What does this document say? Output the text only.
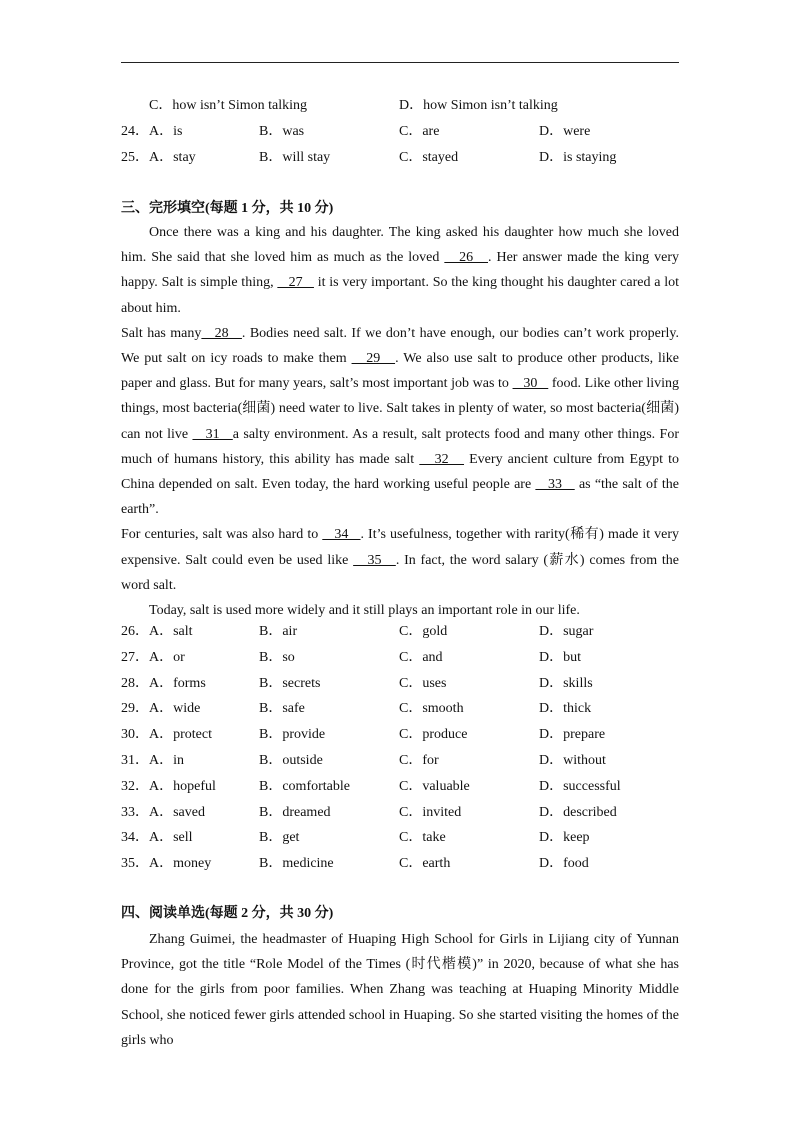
C．how isn’t Simon talking	D．how Simon isn’t talking
24． A．is	B．was	C．are	D．were
25． A．stay	B．will stay	C．stayed	D．is staying
三、完形填空(每题 1 分，共 10 分)

Once there was a king and his daughter. The king asked his daughter how much she loved him. She said that she loved him as much as the loved    26   . Her answer made the king very happy. Salt is simple thing,    27    it is very important. So the king thought his daughter cared a lot about him.

Salt has many   28   . Bodies need salt. If we don’t have enough, our bodies can’t work properly. We put salt on icy roads to make them    29   . We also use salt to produce other products, like paper and glass. But for many years, salt’s most important job was to    30    food. Like other living things, most bacteria(细菌) need water to live. Salt takes in plenty of water, so most bacteria(细菌) can not live    31   a salty environment. As a result, salt protects food and many other things. For much of humans history, this ability has made salt    32    Every ancient culture from Egypt to China depended on salt. Even today, the hard working useful people are    33    as “the salt of the earth”.

For centuries, salt was also hard to    34   . It’s usefulness, together with rarity(稀有) made it very expensive. Salt could even be used like    35   . In fact, the word salary (薪水) comes from the word salt.

Today, salt is used more widely and it still plays an important role in our life.

26． A．salt	B．air	C．gold	D．sugar
27． A．or	B．so	C．and	D．but
28． A．forms	B．secrets	C．uses	D．skills
29． A．wide	B．safe	C．smooth	D．thick
30． A．protect	B．provide	C．produce	D．prepare
31． A．in	B．outside	C．for	D．without
32． A．hopeful	B．comfortable	C．valuable	D．successful
33． A．saved	B．dreamed	C．invited	D．described
34． A．sell	B．get	C．take	D．keep
35． A．money	B．medicine	C．earth	D．food
四、阅读单选(每题 2 分，共 30 分)

Zhang Guimei, the headmaster of Huaping High School for Girls in Lijiang city of Yunnan Province, got the title “Role Model of the Times (时代楷模)” in 2020, because of what she has done for the girls from poor families. When Zhang was teaching at Huaping Minority Middle School, she noticed fewer girls attended school in Huaping. So she started visiting the homes of the girls who
